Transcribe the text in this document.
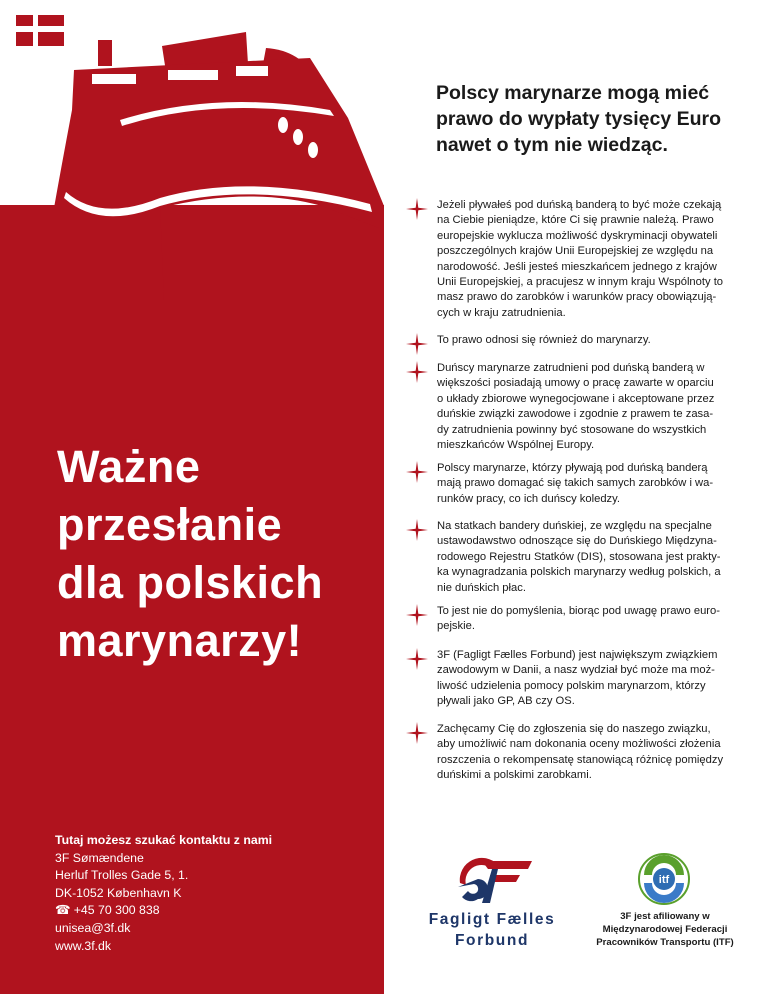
Ważne
przesłanie
dla polskich
marynarzy!
Polscy marynarze mogą mieć
prawo do wypłaty tysięcy Euro
nawet o tym nie wiedząc.
Jeżeli pływałeś pod duńską banderą to być może czekają
na Ciebie pieniądze, które Ci się prawnie należą. Prawo
europejskie wyklucza możliwość dyskryminacji obywateli
poszczególnych krajów Unii Europejskiej ze względu na
narodowość. Jeśli jesteś mieszkańcem jednego z krajów
Unii Europejskiej, a pracujesz w innym kraju Wspólnoty to
masz prawo do zarobków i warunków pracy obowiązują-
cych w kraju zatrudnienia.
To prawo odnosi się również do marynarzy.
Duńscy marynarze zatrudnieni pod duńską banderą w
większości posiadają umowy o pracę zawarte w oparciu
o układy zbiorowe wynegocjowane i akceptowane przez
duńskie związki zawodowe i zgodnie z prawem te zasa-
dy zatrudnienia powinny być stosowane do wszystkich
mieszkańców Wspólnej Europy.
Polscy marynarze, którzy pływają pod duńską banderą
mają prawo domagać się takich samych zarobków i wa-
runków pracy, co ich duńscy koledzy.
Na statkach bandery duńskiej, ze względu na specjalne
ustawodawstwo odnoszące się do Duńskiego Międzyna-
rodowego Rejestru Statków (DIS), stosowana jest prakty-
ka wynagradzania polskich marynarzy według polskich, a
nie duńskich płac.
To jest nie do pomyślenia, biorąc pod uwagę prawo euro-
pejskie.
3F (Fagligt Fælles Forbund) jest największym związkiem
zawodowym w Danii, a nasz wydział być może ma moż-
liwość udzielenia pomocy polskim marynarzom, którzy
pływali jako GP, AB czy OS.
Zachęcamy Cię do zgłoszenia się do naszego związku,
aby umożliwić nam dokonania oceny możliwości złożenia
roszczenia o rekompensatę stanowiącą różnicę pomiędzy
duńskimi a polskimi zarobkami.
Tutaj możesz szukać kontaktu z nami
3F Sømændene
Herluf Trolles Gade 5, 1.
DK-1052 København K
☎ +45 70 300 838
unisea@3f.dk
www.3f.dk
Fagligt Fælles
Forbund
itf
3F jest afiliowany w
Międzynarodowej Federacji
Pracowników Transportu (ITF)
